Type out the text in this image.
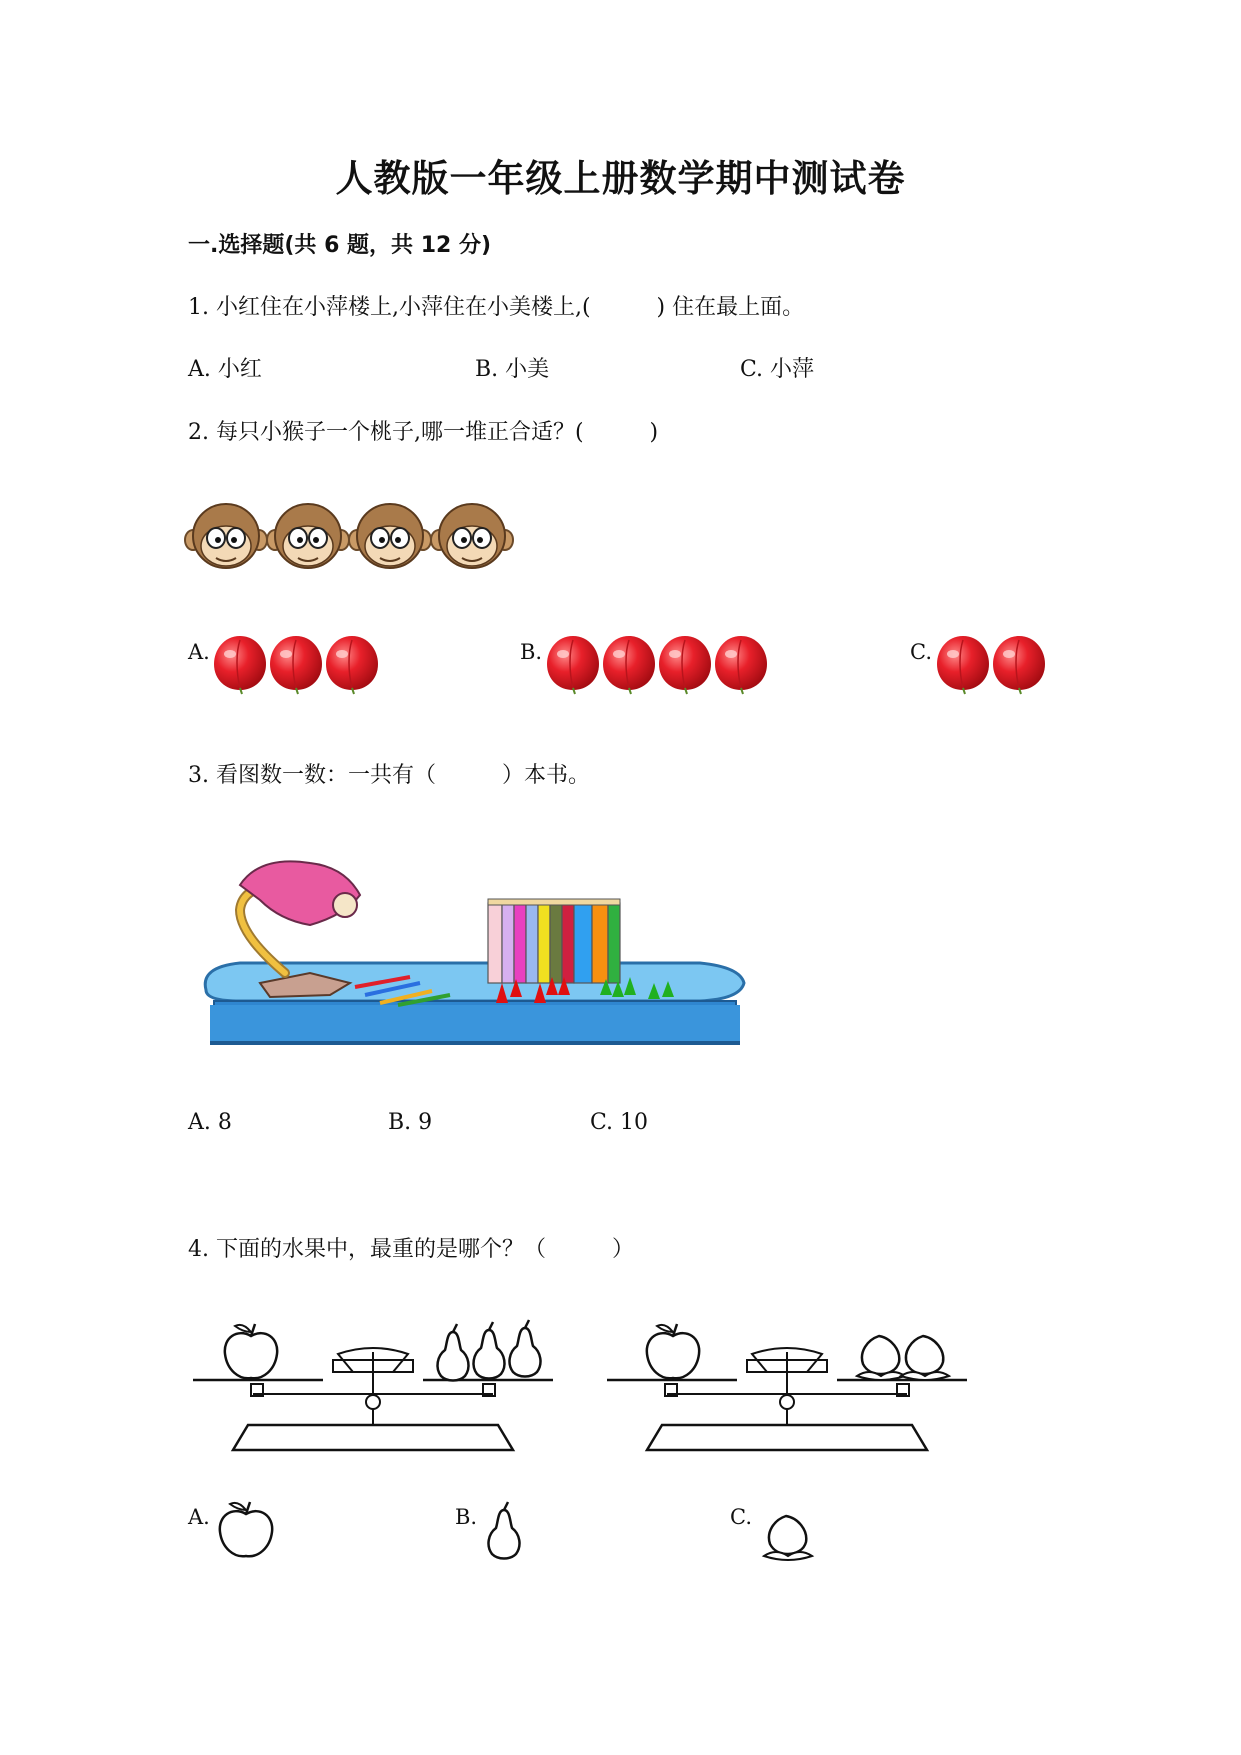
人教版一年级上册数学期中测试卷
一.选择题(共 6 题，共 12 分)
1. 小红住在小萍楼上,小萍住在小美楼上,(　　　) 住在最上面。
A. 小红	B. 小美	C. 小萍
2. 每只小猴子一个桃子,哪一堆正合适？(　　　)
A.	B.	C.
3. 看图数一数：一共有（　　　）本书。
A. 8	B. 9	C. 10
4. 下面的水果中，最重的是哪个？（　　　）
A.	B.	C.
